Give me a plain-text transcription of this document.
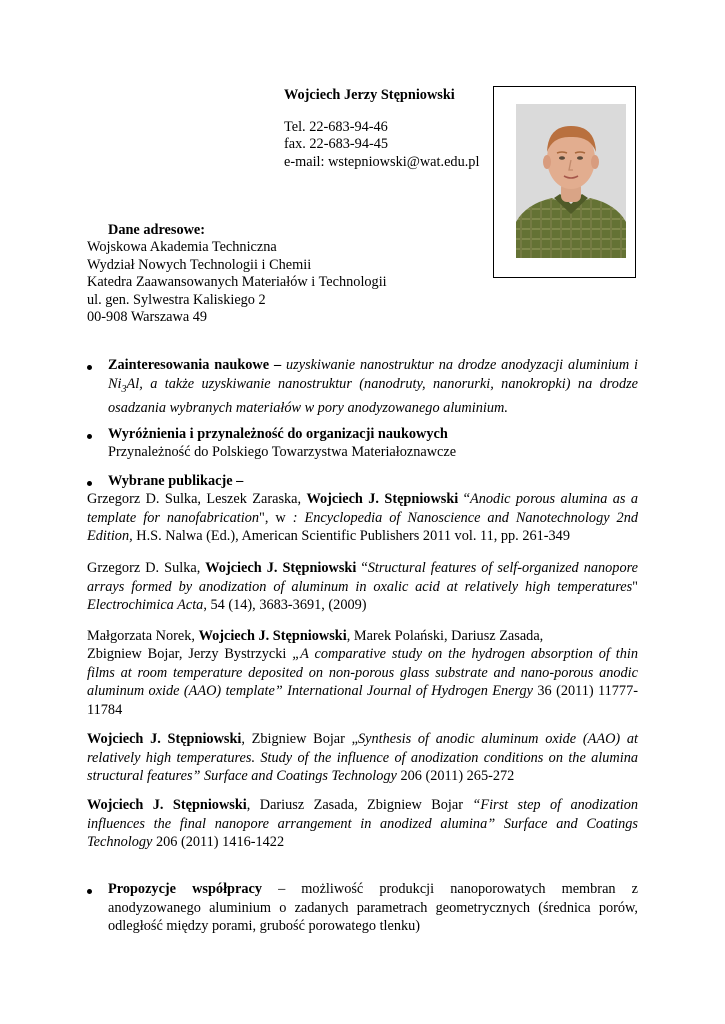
Wojciech Jerzy Stępniowski
Tel. 22-683-94-46
fax. 22-683-94-45
e-mail: wstepniowski@wat.edu.pl
Dane adresowe:
Wojskowa Akademia Techniczna
Wydział Nowych Technologii i Chemii
Katedra Zaawansowanych Materiałów i Technologii
ul. gen. Sylwestra Kaliskiego 2
00-908 Warszawa 49
Zainteresowania naukowe – uzyskiwanie nanostruktur na drodze anodyzacji aluminium i $Ni_3Al$, a także uzyskiwanie nanostruktur (nanodruty, nanorurki, nanokropki) na drodze osadzania wybranych materiałów w pory anodyzowanego aluminium.
Wyróżnienia i przynależność do organizacji naukowych
Przynależność do Polskiego Towarzystwa Materiałoznawcze
Wybrane publikacje –
Grzegorz D. Sulka, Leszek Zaraska, Wojciech J. Stępniowski “Anodic porous alumina as a template for nanofabrication", w : Encyclopedia of Nanoscience and Nanotechnology 2nd Edition, H.S. Nalwa (Ed.), American Scientific Publishers 2011 vol. 11, pp. 261-349
Grzegorz D. Sulka, Wojciech J. Stępniowski “Structural features of self-organized nanopore arrays formed by anodization of aluminum in oxalic acid at relatively high temperatures" Electrochimica Acta, 54 (14), 3683-3691, (2009)
Małgorzata Norek, Wojciech J. Stępniowski, Marek Polański, Dariusz Zasada,
Zbigniew Bojar, Jerzy Bystrzycki „A comparative study on the hydrogen absorption of thin films at room temperature deposited on non-porous glass substrate and nano-porous anodic aluminum oxide (AAO) template” International Journal of Hydrogen Energy 36 (2011) 11777-11784
Wojciech J. Stępniowski, Zbigniew Bojar „Synthesis of anodic aluminum oxide (AAO) at relatively high temperatures. Study of the influence of anodization conditions on the alumina structural features” Surface and Coatings Technology 206 (2011) 265-272
Wojciech J. Stępniowski, Dariusz Zasada, Zbigniew Bojar “First step of anodization influences the final nanopore arrangement in anodized alumina” Surface and Coatings Technology 206 (2011) 1416-1422
Propozycje współpracy – możliwość produkcji nanoporowatych membran z anodyzowanego aluminium o zadanych parametrach geometrycznych (średnica porów, odległość między porami, grubość porowatego tlenku)
